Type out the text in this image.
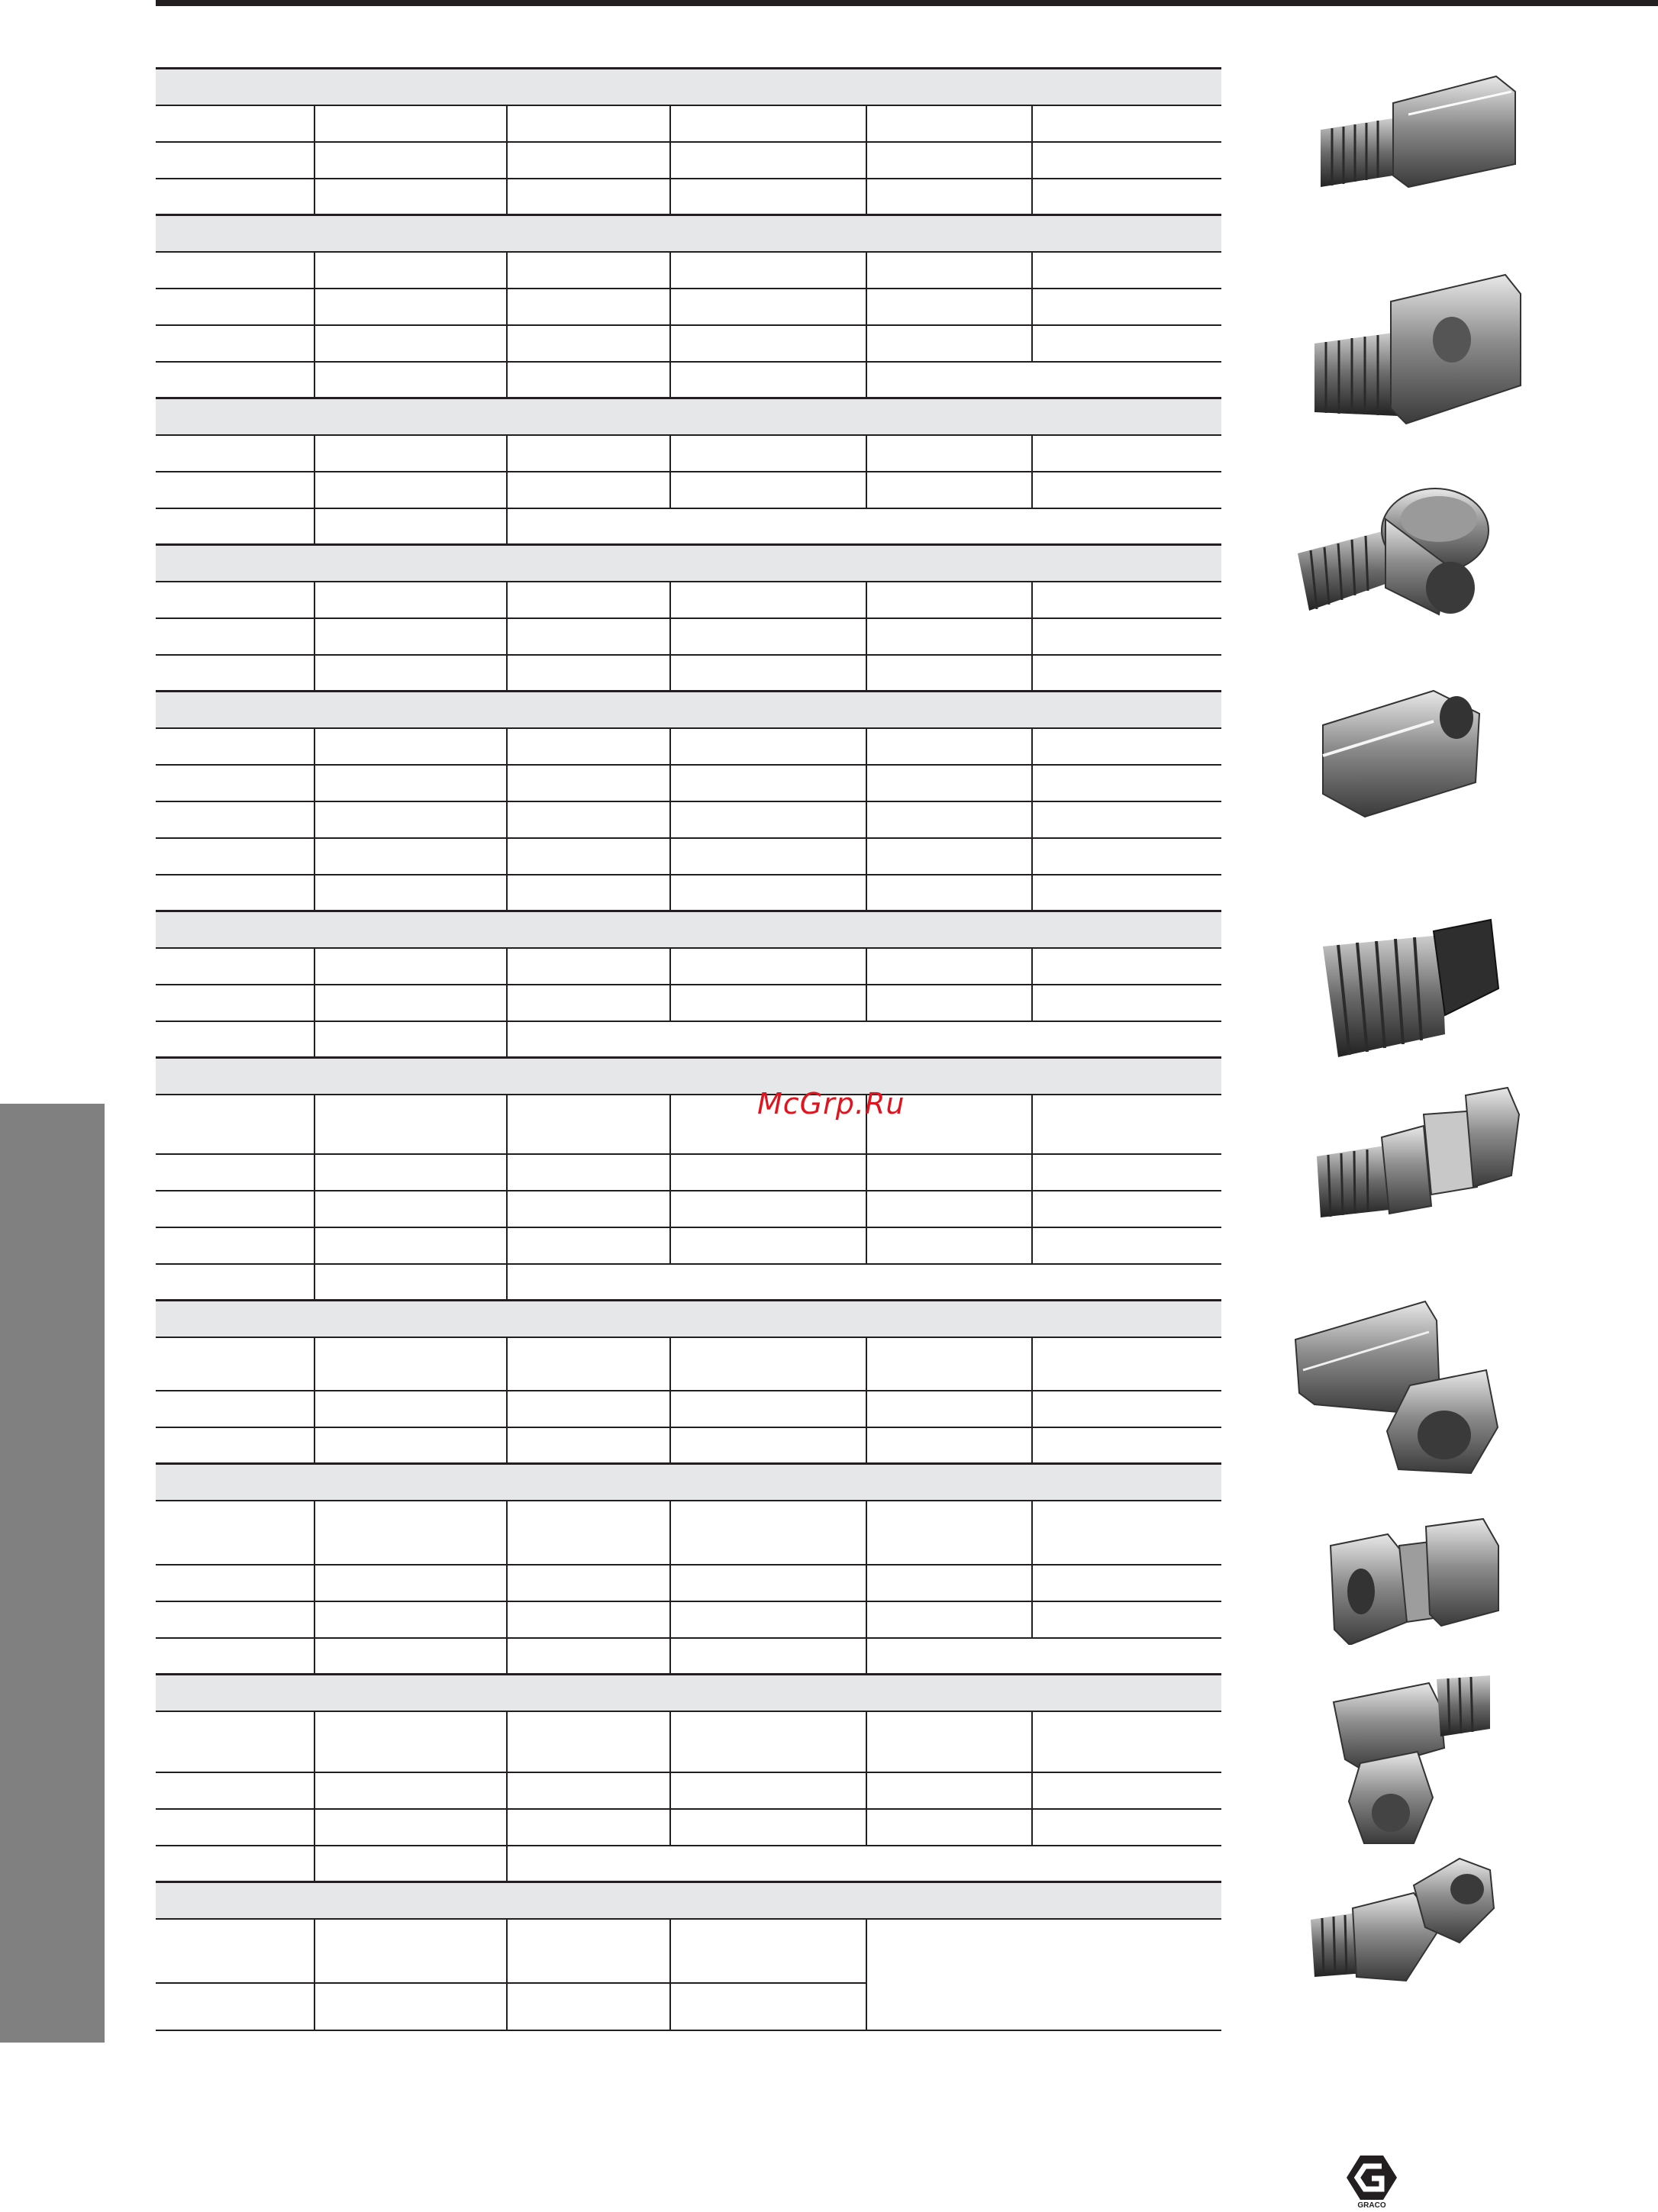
McGrp.Ru
GRACO
